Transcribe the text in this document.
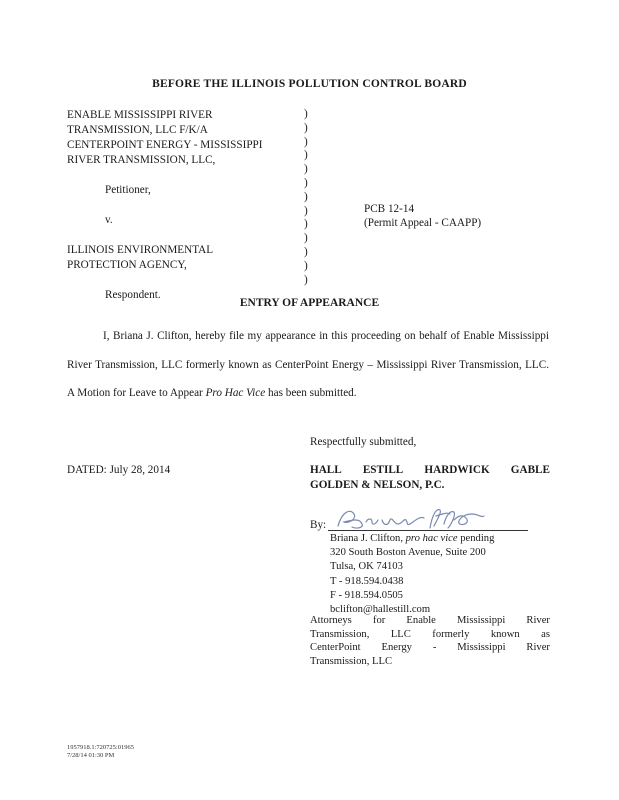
BEFORE THE ILLINOIS POLLUTION CONTROL BOARD
ENABLE MISSISSIPPI RIVER
TRANSMISSION, LLC F/K/A
CENTERPOINT ENERGY - MISSISSIPPI
RIVER TRANSMISSION, LLC,
Petitioner,
v.
ILLINOIS ENVIRONMENTAL
PROTECTION AGENCY,
Respondent.
)
)
)
)
)
)
)
)
)
)
)
)
)
PCB 12-14
(Permit Appeal - CAAPP)
ENTRY OF APPEARANCE
I, Briana J. Clifton, hereby file my appearance in this proceeding on behalf of Enable Mississippi River Transmission, LLC formerly known as CenterPoint Energy – Mississippi River Transmission, LLC. A Motion for Leave to Appear Pro Hac Vice has been submitted.
Respectfully submitted,
DATED: July 28, 2014	HALL ESTILL HARDWICK GABLE
GOLDEN & NELSON, P.C.
By:
Briana J. Clifton, pro hac vice pending
320 South Boston Avenue, Suite 200
Tulsa, OK 74103
T - 918.594.0438
F - 918.594.0505
bclifton@hallestill.com
Attorneys for Enable Mississippi River
Transmission, LLC formerly known as
CenterPoint Energy - Mississippi River
Transmission, LLC
1957918.1:720725:01965
7/28/14 01:30 PM
